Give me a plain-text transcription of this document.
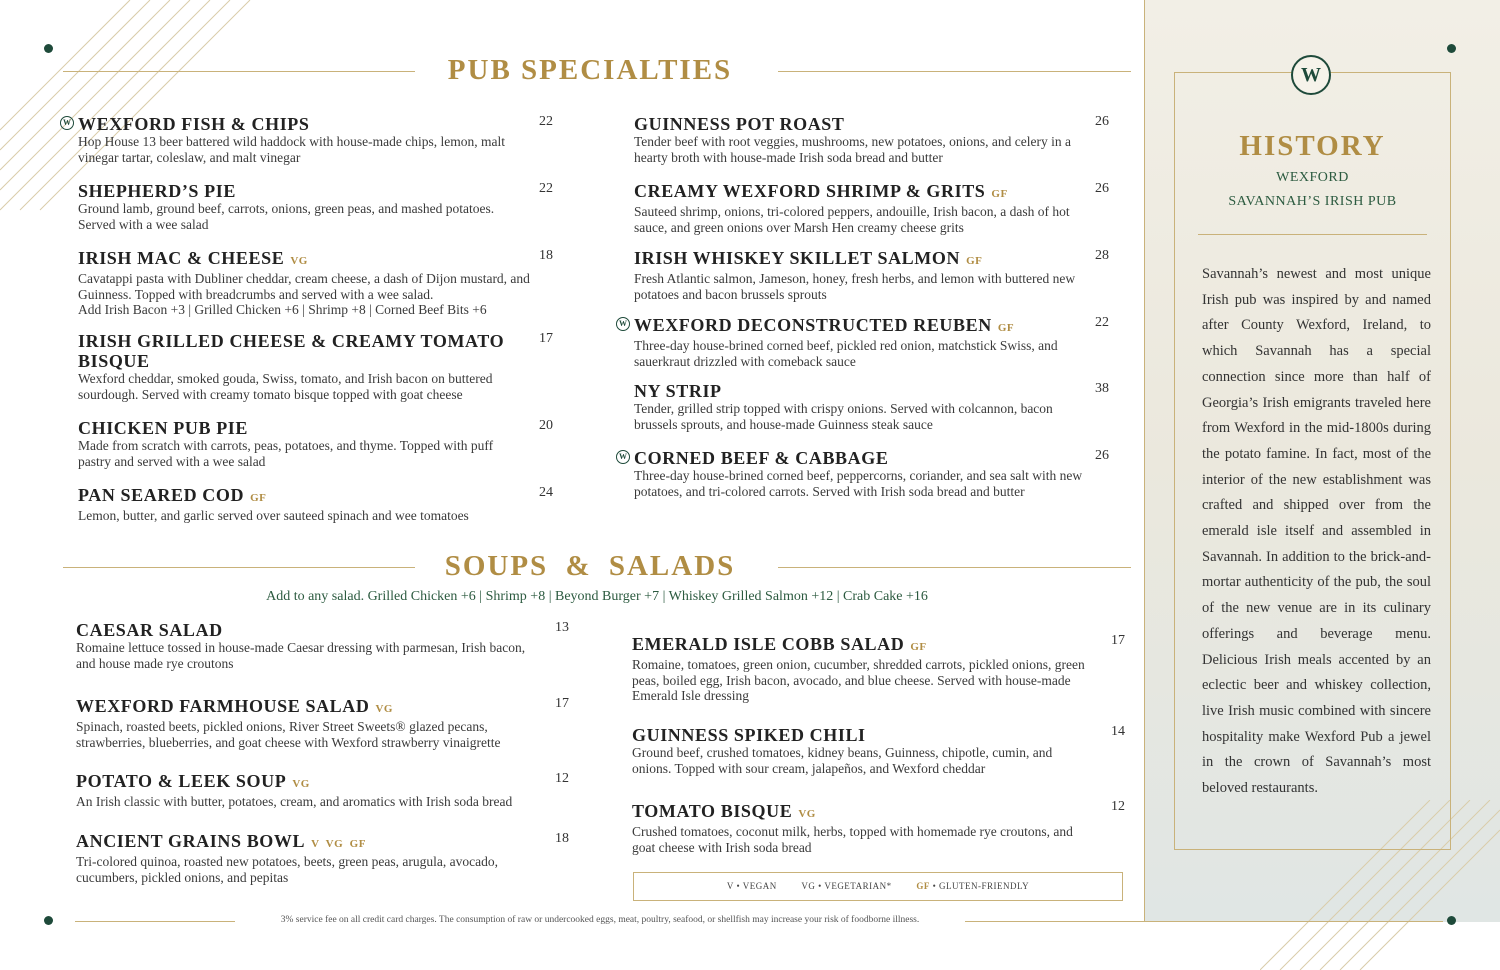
PUB SPECIALTIES
W WEXFORD FISH & CHIPS
Hop House 13 beer battered wild haddock with house-made chips, lemon, malt vinegar tartar, coleslaw, and malt vinegar
22
SHEPHERD’S PIE
Ground lamb, ground beef, carrots, onions, green peas, and mashed potatoes. Served with a wee salad
22
IRISH MAC & CHEESE VG
Cavatappi pasta with Dubliner cheddar, cream cheese, a dash of Dijon mustard, and Guinness. Topped with breadcrumbs and served with a wee salad.
Add Irish Bacon +3 | Grilled Chicken +6 | Shrimp +8 | Corned Beef Bits +6
18
IRISH GRILLED CHEESE & CREAMY TOMATO BISQUE
Wexford cheddar, smoked gouda, Swiss, tomato, and Irish bacon on buttered sourdough. Served with creamy tomato bisque topped with goat cheese
17
CHICKEN PUB PIE
Made from scratch with carrots, peas, potatoes, and thyme. Topped with puff pastry and served with a wee salad
20
PAN SEARED COD GF
Lemon, butter, and garlic served over sauteed spinach and wee tomatoes
24
GUINNESS POT ROAST
Tender beef with root veggies, mushrooms, new potatoes, onions, and celery in a hearty broth with house-made Irish soda bread and butter
26
CREAMY WEXFORD SHRIMP & GRITS GF
Sauteed shrimp, onions, tri-colored peppers, andouille, Irish bacon, a dash of hot sauce, and green onions over Marsh Hen creamy cheese grits
26
IRISH WHISKEY SKILLET SALMON GF
Fresh Atlantic salmon, Jameson, honey, fresh herbs, and lemon with buttered new potatoes and bacon brussels sprouts
28
W WEXFORD DECONSTRUCTED REUBEN GF
Three-day house-brined corned beef, pickled red onion, matchstick Swiss, and sauerkraut drizzled with comeback sauce
22
NY STRIP
Tender, grilled strip topped with crispy onions. Served with colcannon, bacon brussels sprouts, and house-made Guinness steak sauce
38
W CORNED BEEF & CABBAGE
Three-day house-brined corned beef, peppercorns, coriander, and sea salt with new potatoes, and tri-colored carrots. Served with Irish soda bread and butter
26
SOUPS & SALADS
Add to any salad. Grilled Chicken +6 | Shrimp +8 | Beyond Burger +7 | Whiskey Grilled Salmon +12 | Crab Cake +16
CAESAR SALAD
Romaine lettuce tossed in house-made Caesar dressing with parmesan, Irish bacon, and house made rye croutons
13
WEXFORD FARMHOUSE SALAD VG
Spinach, roasted beets, pickled onions, River Street Sweets® glazed pecans, strawberries, blueberries, and goat cheese with Wexford strawberry vinaigrette
17
POTATO & LEEK SOUP VG
An Irish classic with butter, potatoes, cream, and aromatics with Irish soda bread
12
ANCIENT GRAINS BOWL V  VG  GF
Tri-colored quinoa, roasted new potatoes, beets, green peas, arugula, avocado, cucumbers, pickled onions, and pepitas
18
EMERALD ISLE COBB SALAD GF
Romaine, tomatoes, green onion, cucumber, shredded carrots, pickled onions, green peas, boiled egg, Irish bacon, avocado, and blue cheese. Served with house-made Emerald Isle dressing
17
GUINNESS SPIKED CHILI
Ground beef, crushed tomatoes, kidney beans, Guinness, chipotle, cumin, and onions. Topped with sour cream, jalapeños, and Wexford cheddar
14
TOMATO BISQUE VG
Crushed tomatoes, coconut milk, herbs, topped with homemade rye croutons, and goat cheese with Irish soda bread
12
V • VEGAN	VG • VEGETARIAN*	GF • GLUTEN-FRIENDLY
3% service fee on all credit card charges. The consumption of raw or undercooked eggs, meat, poultry, seafood, or shellfish may increase your risk of foodborne illness.
W
HISTORY
WEXFORD
SAVANNAH’S IRISH PUB
Savannah’s newest and most unique Irish pub was inspired by and named after County Wexford, Ireland, to which Savannah has a special connection since more than half of Georgia’s Irish emigrants traveled here from Wexford in the mid-1800s during the potato famine. In fact, most of the interior of the new establishment was crafted and shipped over from the emerald isle itself and assembled in Savannah. In addition to the brick-and-mortar authenticity of the pub, the soul of the new venue are in its culinary offerings and beverage menu. Delicious Irish meals accented by an eclectic beer and whiskey collection, live Irish music combined with sincere hospitality make Wexford Pub a jewel in the crown of Savannah’s most beloved restaurants.
